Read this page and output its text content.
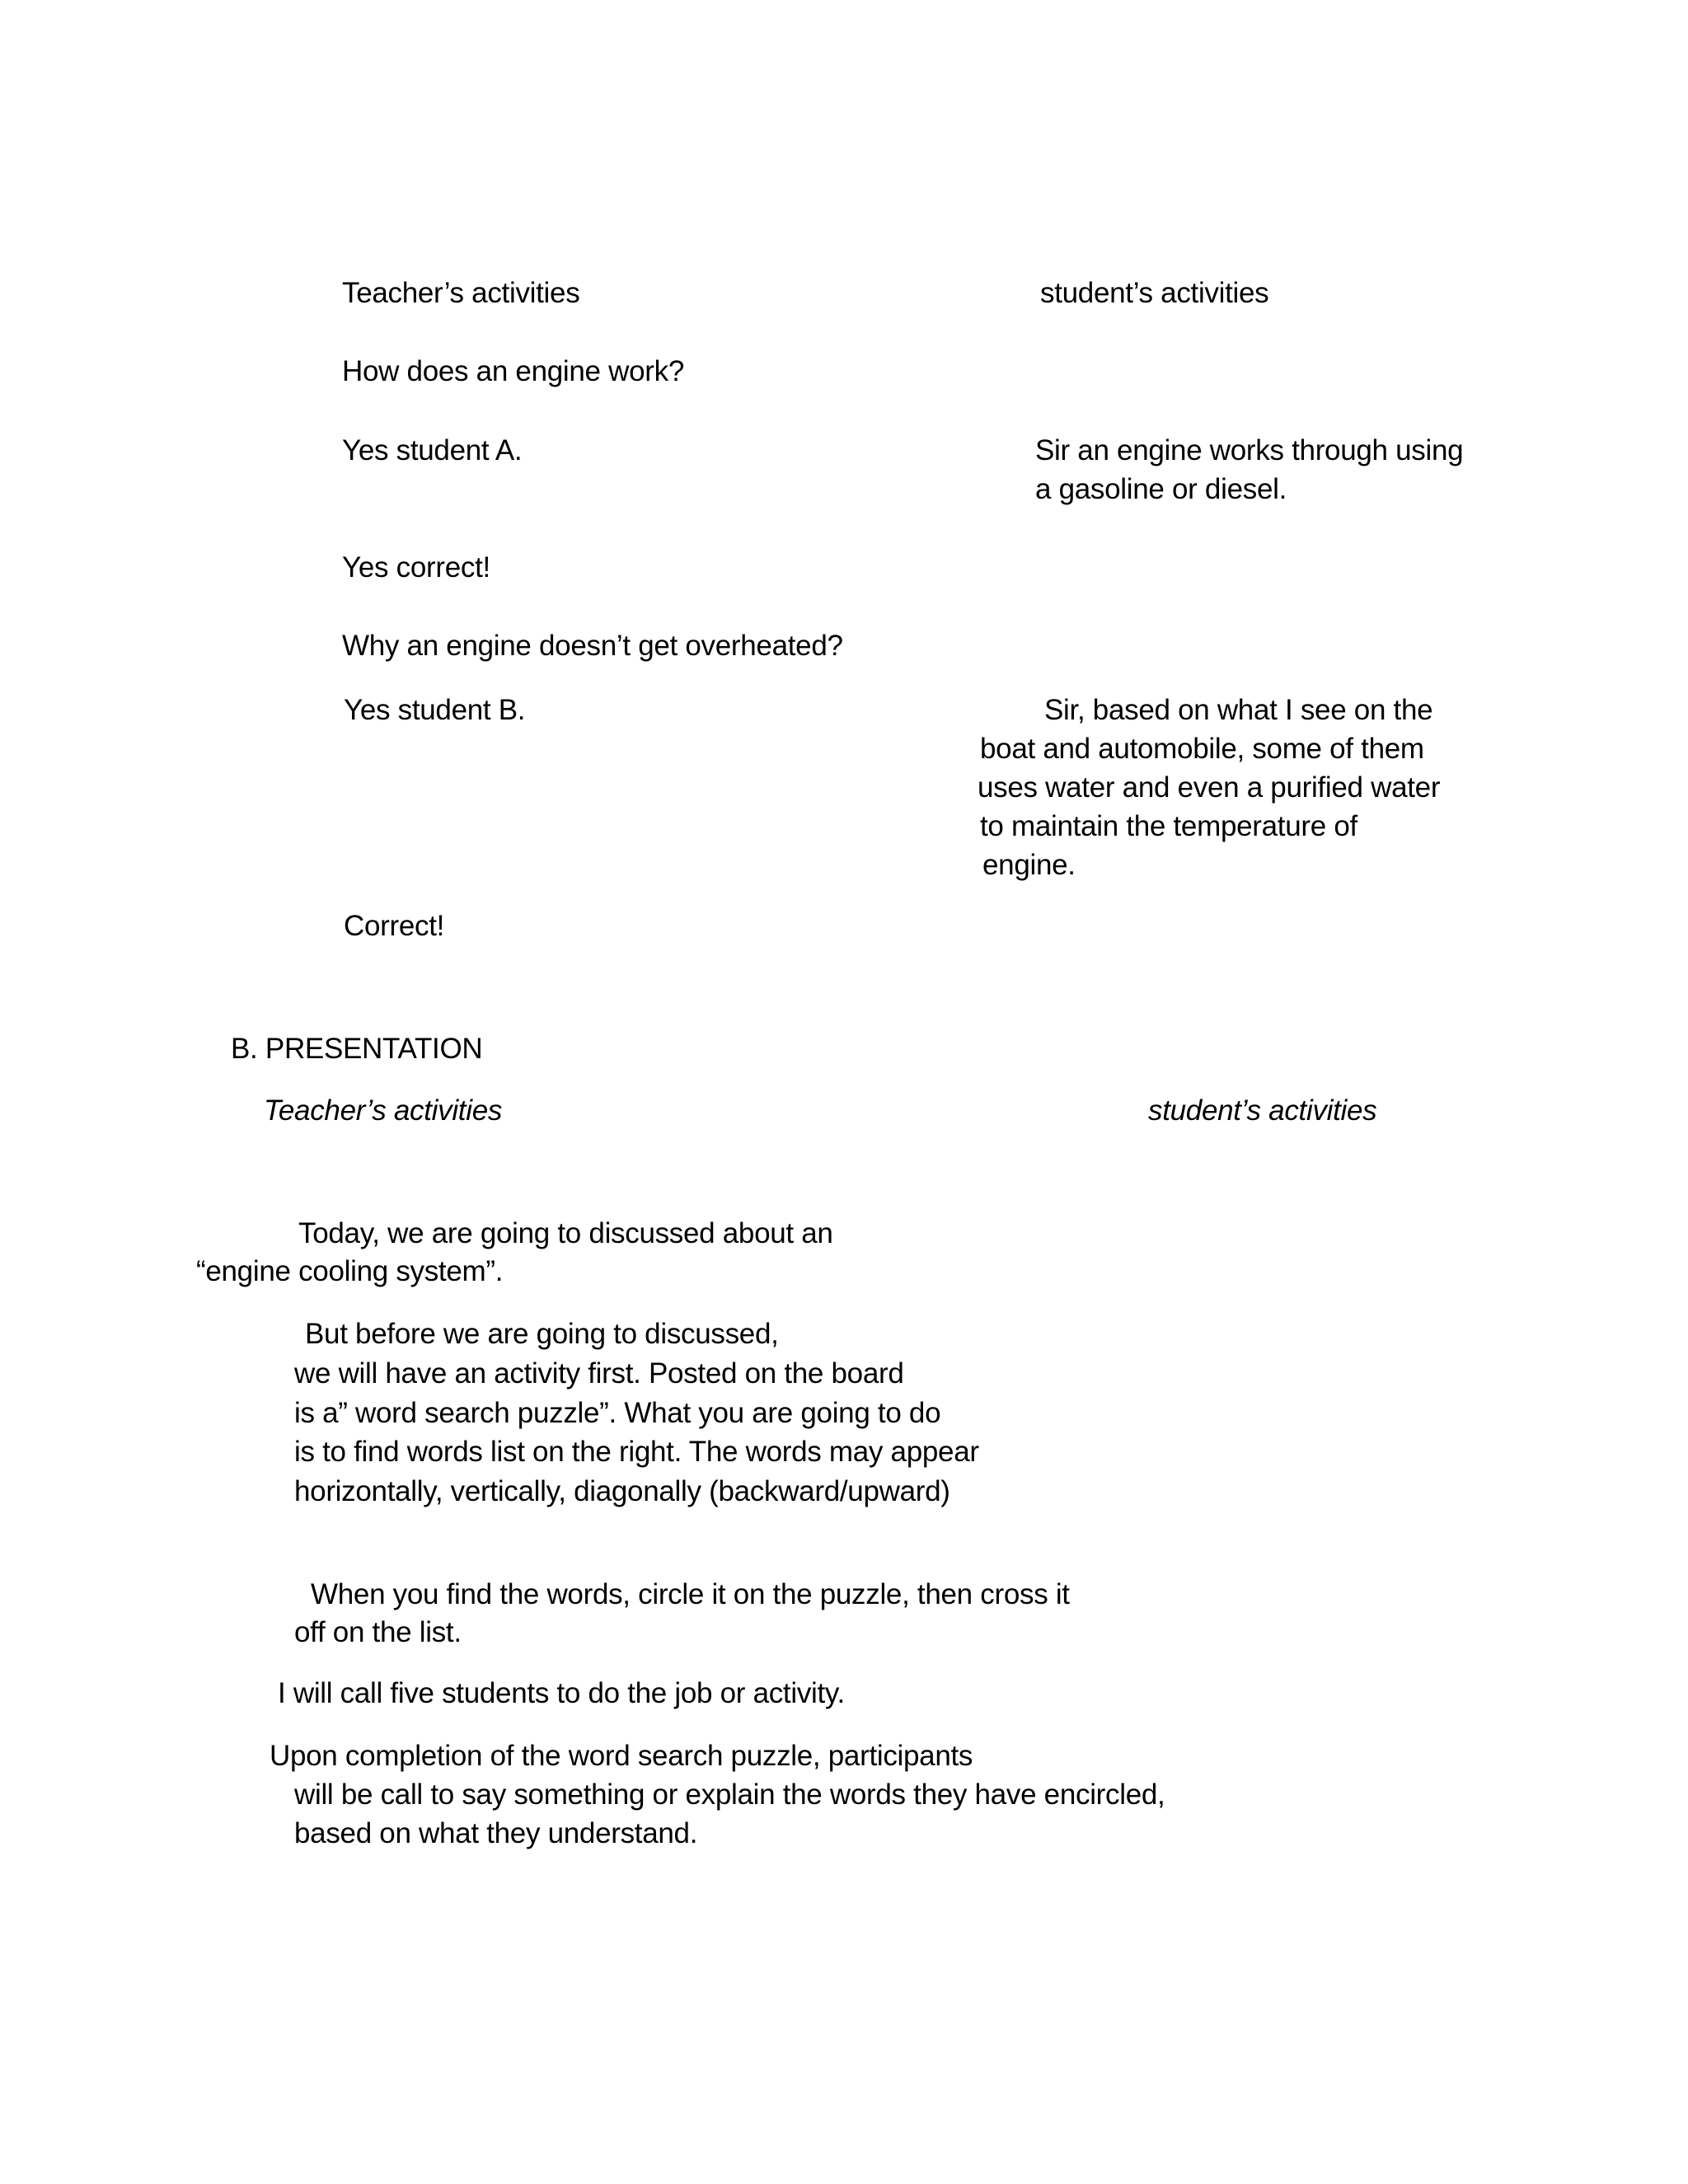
Teacher’s activities	student’s activities
How does an engine work?
Yes student A.	Sir an engine works through using
a gasoline or diesel.
Yes correct!
Why an engine doesn’t get overheated?
Yes student B.	Sir, based on what I see on the
boat and automobile, some of them
uses water and even a purified water
to maintain the temperature of
engine.
Correct!
B. PRESENTATION
Teacher’s activities	student’s activities
Today, we are going to discussed about an
“engine cooling system”.
But before we are going to discussed,
we will have an activity first. Posted on the board
is a” word search puzzle”. What you are going to do
is to find words list on the right. The words may appear
horizontally, vertically, diagonally (backward/upward)
When you find the words, circle it on the puzzle, then cross it
off on the list.
I will call five students to do the job or activity.
Upon completion of the word search puzzle, participants
will be call to say something or explain the words they have encircled,
based on what they understand.
